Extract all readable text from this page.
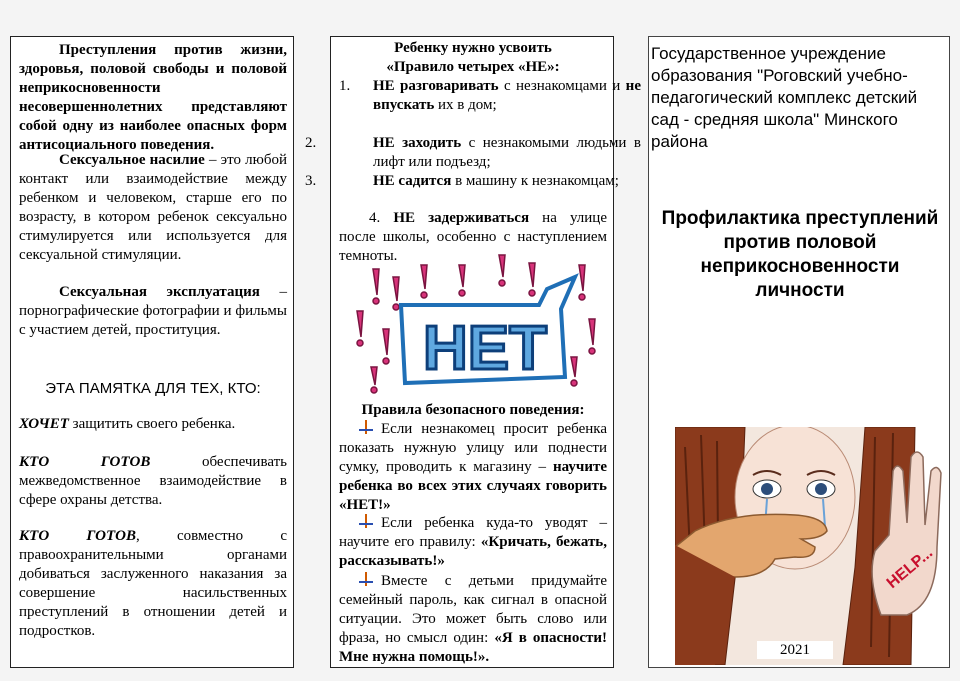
Преступления против жизни, здоровья, половой свободы и половой неприкосновенности несовершеннолетних представляют собой одну из наиболее опасных форм антисоциального поведения.

Сексуальное насилие – это любой контакт или взаимодействие между ребенком и человеком, старше его по возрасту, в котором ребенок сексуально стимулируется или используется для сексуальной стимуляции.

Сексуальная эксплуатация – порнографические фотографии и фильмы с участием детей, проституция.

ЭТА ПАМЯТКА ДЛЯ ТЕХ, КТО:

ХОЧЕТ защитить своего ребенка.

КТО ГОТОВ обеспечивать межведомственное взаимодействие в сфере охраны детства.

КТО ГОТОВ, совместно с правоохранительными органами добиваться заслуженного наказания за совершение насильственных преступлений в отношении детей и подростков.

Ребенку нужно усвоить
«Правило четырех «НЕ»:

1. НЕ разговаривать с незнакомцами и не впускать их в дом;

2.	НЕ заходить с незнакомыми людьми в лифт или подъезд;

3.	НЕ садится в машину к незнакомцам;

4. НЕ задерживаться на улице после школы, особенно с наступлением темноты.

НЕТ

Правила безопасного поведения:

Если незнакомец просит ребенка показать нужную улицу или поднести сумку, проводить к магазину – научите ребенка во всех этих случаях говорить «НЕТ!»

Если ребенка куда-то уводят – научите его правилу: «Кричать, бежать, рассказывать!»

Вместе с детьми придумайте семейный пароль, как сигнал в опасной ситуации. Это может быть слово или фраза, но смысл один: «Я в опасности! Мне нужна помощь!».

Государственное учреждение образования "Роговский учебно-педагогический комплекс детский сад - средняя школа" Минского района

Профилактика преступлений против половой неприкосновенности личности

HELP...

2021
